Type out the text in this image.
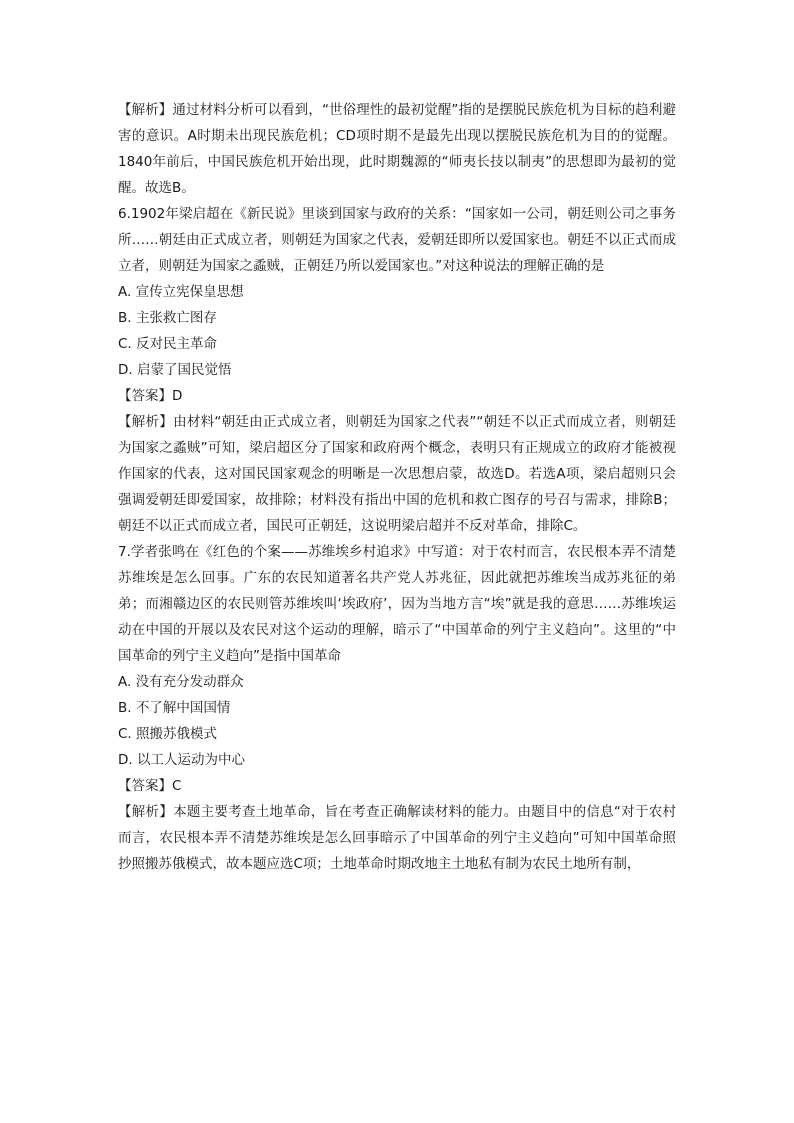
【解析】通过材料分析可以看到，“世俗理性的最初觉醒”指的是摆脱民族危机为目标的趋利避害的意识。A时期未出现民族危机；CD项时期不是最先出现以摆脱民族危机为目的的觉醒。1840年前后，中国民族危机开始出现，此时期魏源的“师夷长技以制夷”的思想即为最初的觉醒。故选B。

6.1902年梁启超在《新民说》里谈到国家与政府的关系：“国家如一公司，朝廷则公司之事务所……朝廷由正式成立者，则朝廷为国家之代表，爱朝廷即所以爱国家也。朝廷不以正式而成立者，则朝廷为国家之蟊贼，正朝廷乃所以爱国家也。”对这种说法的理解正确的是

A. 宣传立宪保皇思想

B. 主张救亡图存

C. 反对民主革命

D. 启蒙了国民觉悟

【答案】D

【解析】由材料“朝廷由正式成立者，则朝廷为国家之代表”“朝廷不以正式而成立者，则朝廷为国家之蟊贼”可知，梁启超区分了国家和政府两个概念，表明只有正规成立的政府才能被视作国家的代表，这对国民国家观念的明晰是一次思想启蒙，故选D。若选A项，梁启超则只会强调爱朝廷即爱国家，故排除；材料没有指出中国的危机和救亡图存的号召与需求，排除B；朝廷不以正式而成立者，国民可正朝廷，这说明梁启超并不反对革命，排除C。

7.学者张鸣在《红色的个案——苏维埃乡村追求》中写道：对于农村而言，农民根本弄不清楚苏维埃是怎么回事。广东的农民知道著名共产党人苏兆征，因此就把苏维埃当成苏兆征的弟弟；而湘赣边区的农民则管苏维埃叫‘埃政府’，因为当地方言“埃”就是我的意思……苏维埃运动在中国的开展以及农民对这个运动的理解，暗示了“中国革命的列宁主义趋向”。这里的“中国革命的列宁主义趋向”是指中国革命

A. 没有充分发动群众

B. 不了解中国国情

C. 照搬苏俄模式

D. 以工人运动为中心

【答案】C

【解析】本题主要考查土地革命，旨在考查正确解读材料的能力。由题目中的信息“对于农村而言，农民根本弄不清楚苏维埃是怎么回事暗示了中国革命的列宁主义趋向”可知中国革命照抄照搬苏俄模式，故本题应选C项；土地革命时期改地主土地私有制为农民土地所有制，
